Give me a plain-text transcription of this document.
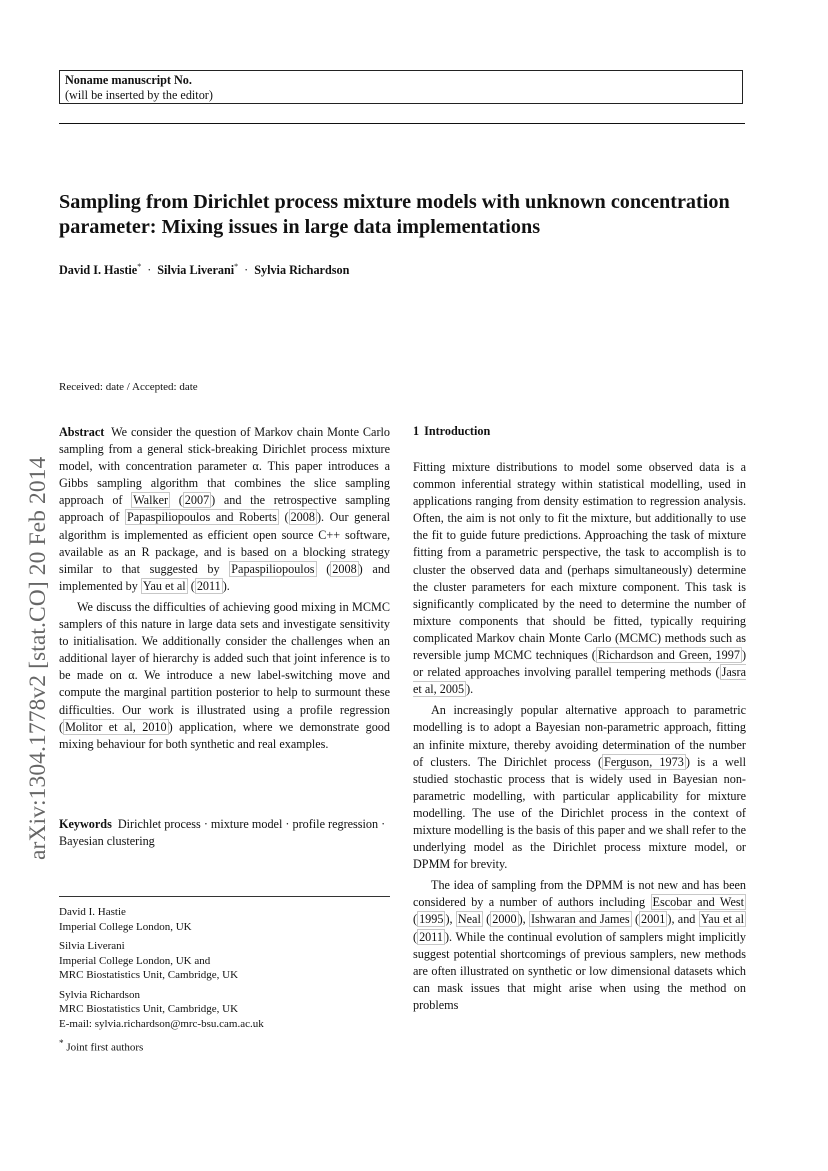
Noname manuscript No.
(will be inserted by the editor)
Sampling from Dirichlet process mixture models with unknown concentration parameter: Mixing issues in large data implementations
David I. Hastie* · Silvia Liverani* · Sylvia Richardson
arXiv:1304.1778v2 [stat.CO] 20 Feb 2014
Received: date / Accepted: date

Abstract We consider the question of Markov chain Monte Carlo sampling from a general stick-breaking Dirichlet process mixture model, with concentration parameter α. This paper introduces a Gibbs sampling algorithm that combines the slice sampling approach of Walker ( 2007 ) and the retrospective sampling approach of Papaspiliopoulos and Roberts ( 2008 ). Our general algorithm is implemented as efficient open source C++ software, available as an R package, and is based on a blocking strategy similar to that suggested by Papaspiliopoulos ( 2008 ) and implemented by Yau et al ( 2011 ).

We discuss the difficulties of achieving good mixing in MCMC samplers of this nature in large data sets and investigate sensitivity to initialisation. We additionally consider the challenges when an additional layer of hierarchy is added such that joint inference is to be made on α. We introduce a new label-switching move and compute the marginal partition posterior to help to surmount these difficulties. Our work is illustrated using a profile regression ( Molitor et al, 2010 ) application, where we demonstrate good mixing behaviour for both synthetic and real examples.

Keywords Dirichlet process · mixture model · profile regression · Bayesian clustering
David I. Hastie
Imperial College London, UK
Silvia Liverani
Imperial College London, UK and
MRC Biostatistics Unit, Cambridge, UK
Sylvia Richardson
MRC Biostatistics Unit, Cambridge, UK
E-mail: sylvia.richardson@mrc-bsu.cam.ac.uk
* Joint first authors
1 Introduction

Fitting mixture distributions to model some observed data is a common inferential strategy within statistical modelling, used in applications ranging from density estimation to regression analysis. Often, the aim is not only to fit the mixture, but additionally to use the fit to guide future predictions. Approaching the task of mixture fitting from a parametric perspective, the task to accomplish is to cluster the observed data and (perhaps simultaneously) determine the cluster parameters for each mixture component. This task is significantly complicated by the need to determine the number of mixture components that should be fitted, typically requiring complicated Markov chain Monte Carlo (MCMC) methods such as reversible jump MCMC techniques ( Richardson and Green, 1997 ) or related approaches involving parallel tempering methods ( Jasra et al, 2005 ).

An increasingly popular alternative approach to parametric modelling is to adopt a Bayesian non-parametric approach, fitting an infinite mixture, thereby avoiding determination of the number of clusters. The Dirichlet process ( Ferguson, 1973 ) is a well studied stochastic process that is widely used in Bayesian non-parametric modelling, with particular applicability for mixture modelling. The use of the Dirichlet process in the context of mixture modelling is the basis of this paper and we shall refer to the underlying model as the Dirichlet process mixture model, or DPMM for brevity.

The idea of sampling from the DPMM is not new and has been considered by a number of authors including Escobar and West ( 1995 ), Neal ( 2000 ), Ishwaran and James ( 2001 ), and Yau et al ( 2011 ). While the continual evolution of samplers might implicitly suggest potential shortcomings of previous samplers, new methods are often illustrated on synthetic or low dimensional datasets which can mask issues that might arise when using the method on problems
